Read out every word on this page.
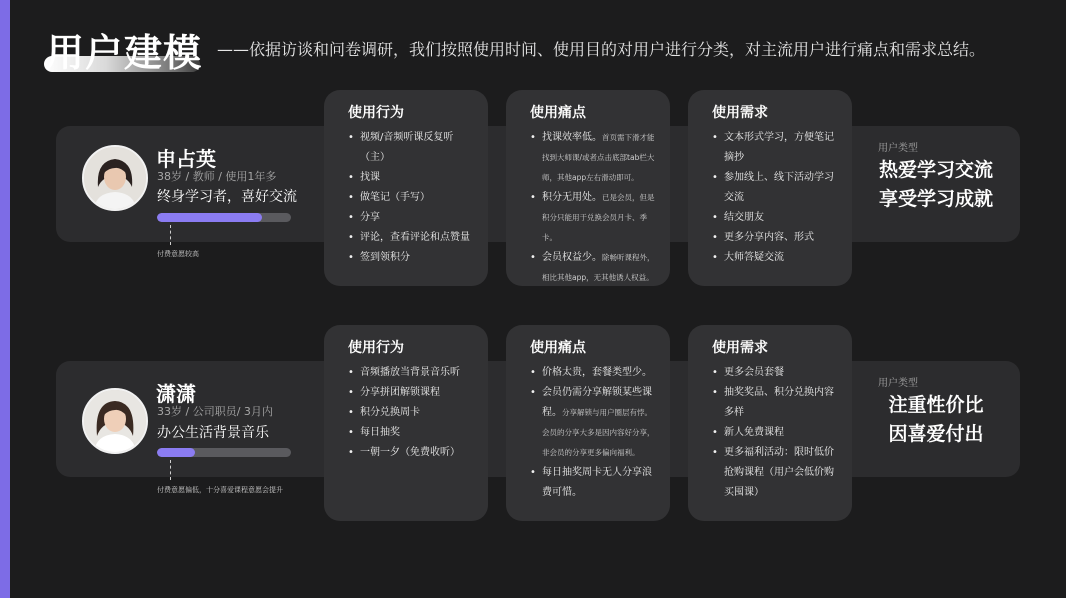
用户建模 ——依据访谈和问卷调研，我们按照使用时间、使用目的对用户进行分类，对主流用户进行痛点和需求总结。
申占英
38岁 / 教师 / 使用1年多
终身学习者，喜好交流
付费意愿较高
使用行为
• 视频/音频听课反复听（主）
• 找课
• 做笔记（手写）
• 分享
• 评论，查看评论和点赞量
• 签到领积分
使用痛点
• 找课效率低。首页需下滑才能找到大师课/或者点击底部tab栏大师，其他app左右滑动即可。
• 积分无用处。已是会员，但是积分只能用于兑换会员月卡、季卡。
• 会员权益少。除畅听课程外，相比其他app，无其他诱人权益。
使用需求
• 文本形式学习，方便笔记摘抄
• 参加线上、线下活动学习交流
• 结交朋友
• 更多分享内容、形式
• 大师答疑交流
用户类型
热爱学习交流
享受学习成就
潇潇
33岁 / 公司职员/ 3月内
办公生活背景音乐
付费意愿偏低，十分喜爱课程意愿会提升
使用行为
• 音频播放当背景音乐听
• 分享拼团解锁课程
• 积分兑换周卡
• 每日抽奖
• 一朝一夕（免费收听）
使用痛点
• 价格太贵，套餐类型少。
• 会员仍需分享解锁某些课程。分享解锁与用户圈层有悖。会员的分享大多是因内容好分享，非会员的分享更多偏向福利。
• 每日抽奖周卡无人分享浪费可惜。
使用需求
• 更多会员套餐
• 抽奖奖品、积分兑换内容多样
• 新人免费课程
• 更多福利活动：限时低价抢购课程（用户会低价购买囤课）
用户类型
注重性价比
因喜爱付出
